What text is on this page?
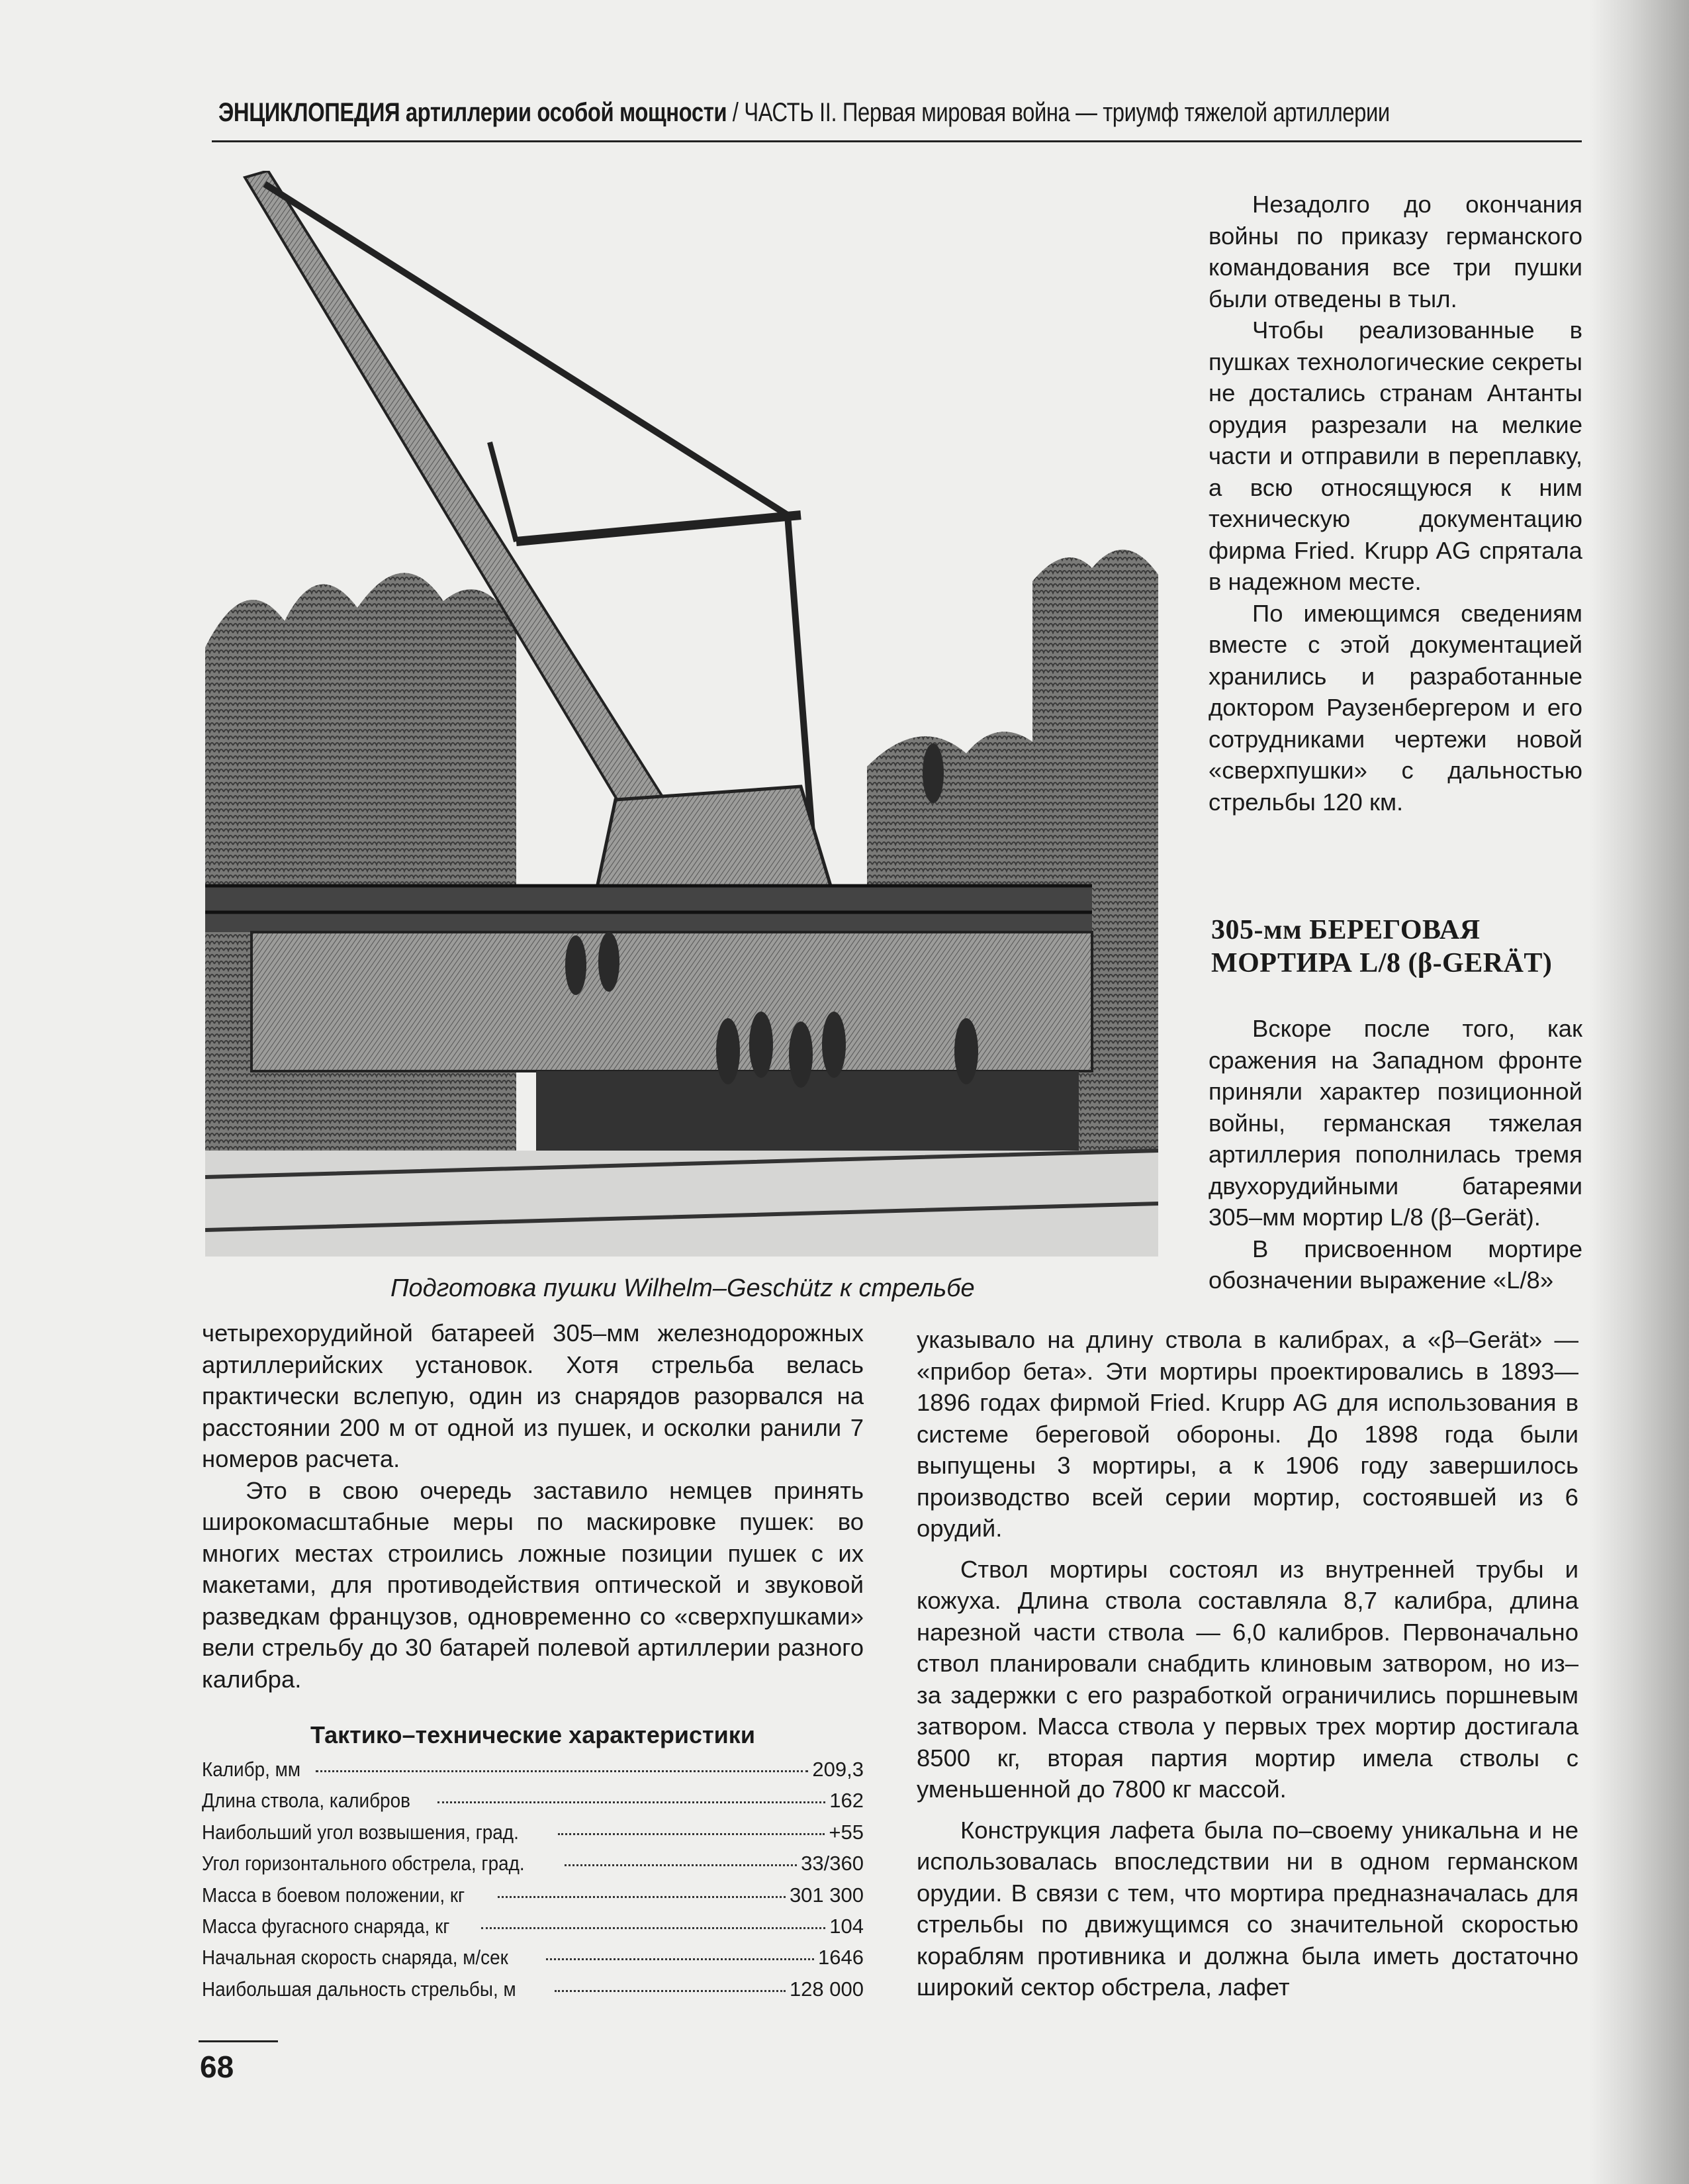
ЭНЦИКЛОПЕДИЯ артиллерии особой мощности / ЧАСТЬ II. Первая мировая война — триумф тяжелой артиллерии
Подготовка пушки Wilhelm–Geschütz к стрельбе

Незадолго до окончания войны по приказу германского командования все три пушки были отведены в тыл.

Чтобы реализованные в пушках технологические секреты не достались странам Антанты орудия разрезали на мелкие части и отправили в переплавку, а всю относящуюся к ним техническую документацию фирма Fried. Krupp AG спрятала в надежном месте.

По имеющимся сведениям вместе с этой документацией хранились и разработанные доктором Раузенбергером и его сотрудниками чертежи новой «сверхпушки» с дальностью стрельбы 120 км.

305-мм БЕРЕГОВАЯ
МОРТИРА L/8 (β-GERÄT)

Вскоре после того, как сражения на Западном фронте приняли характер позиционной войны, германская тяжелая артиллерия пополнилась тремя двухорудийными батареями 305–мм мортир L/8 (β–Gerät).

В присвоенном мортире обозначении выражение «L/8»

четырехорудийной батареей 305–мм железнодорожных артиллерийских установок. Хотя стрельба велась практически вслепую, один из снарядов разорвался на расстоянии 200 м от одной из пушек, и осколки ранили 7 номеров расчета.

Это в свою очередь заставило немцев принять широкомасштабные меры по маскировке пушек: во многих местах строились ложные позиции пушек с их макетами, для противодействия оптической и звуковой разведкам французов, одновременно со «сверхпушками» вели стрельбу до 30 батарей полевой артиллерии разного калибра.

Тактико–технические характеристики
Калибр, мм	209,3
Длина ствола, калибров	162
Наибольший угол возвышения, град.	+55
Угол горизонтального обстрела, град.	33/360
Масса в боевом положении, кг	301 300
Масса фугасного снаряда, кг	104
Начальная скорость снаряда, м/сек	1646
Наибольшая дальность стрельбы, м	128 000

указывало на длину ствола в калибрах, а «β–Gerät» — «прибор бета». Эти мортиры проектировались в 1893—1896 годах фирмой Fried. Krupp AG для использования в системе береговой обороны. До 1898 года были выпущены 3 мортиры, а к 1906 году завершилось производство всей серии мортир, состоявшей из 6 орудий.

Ствол мортиры состоял из внутренней трубы и кожуха. Длина ствола составляла 8,7 калибра, длина нарезной части ствола — 6,0 калибров. Первоначально ствол планировали снабдить клиновым затвором, но из–за задержки с его разработкой ограничились поршневым затвором. Масса ствола у первых трех мортир достигала 8500 кг, вторая партия мортир имела стволы с уменьшенной до 7800 кг массой.

Конструкция лафета была по–своему уникальна и не использовалась впоследствии ни в одном германском орудии. В связи с тем, что мортира предназначалась для стрельбы по движущимся со значительной скоростью кораблям противника и должна была иметь достаточно широкий сектор обстрела, лафет

68
